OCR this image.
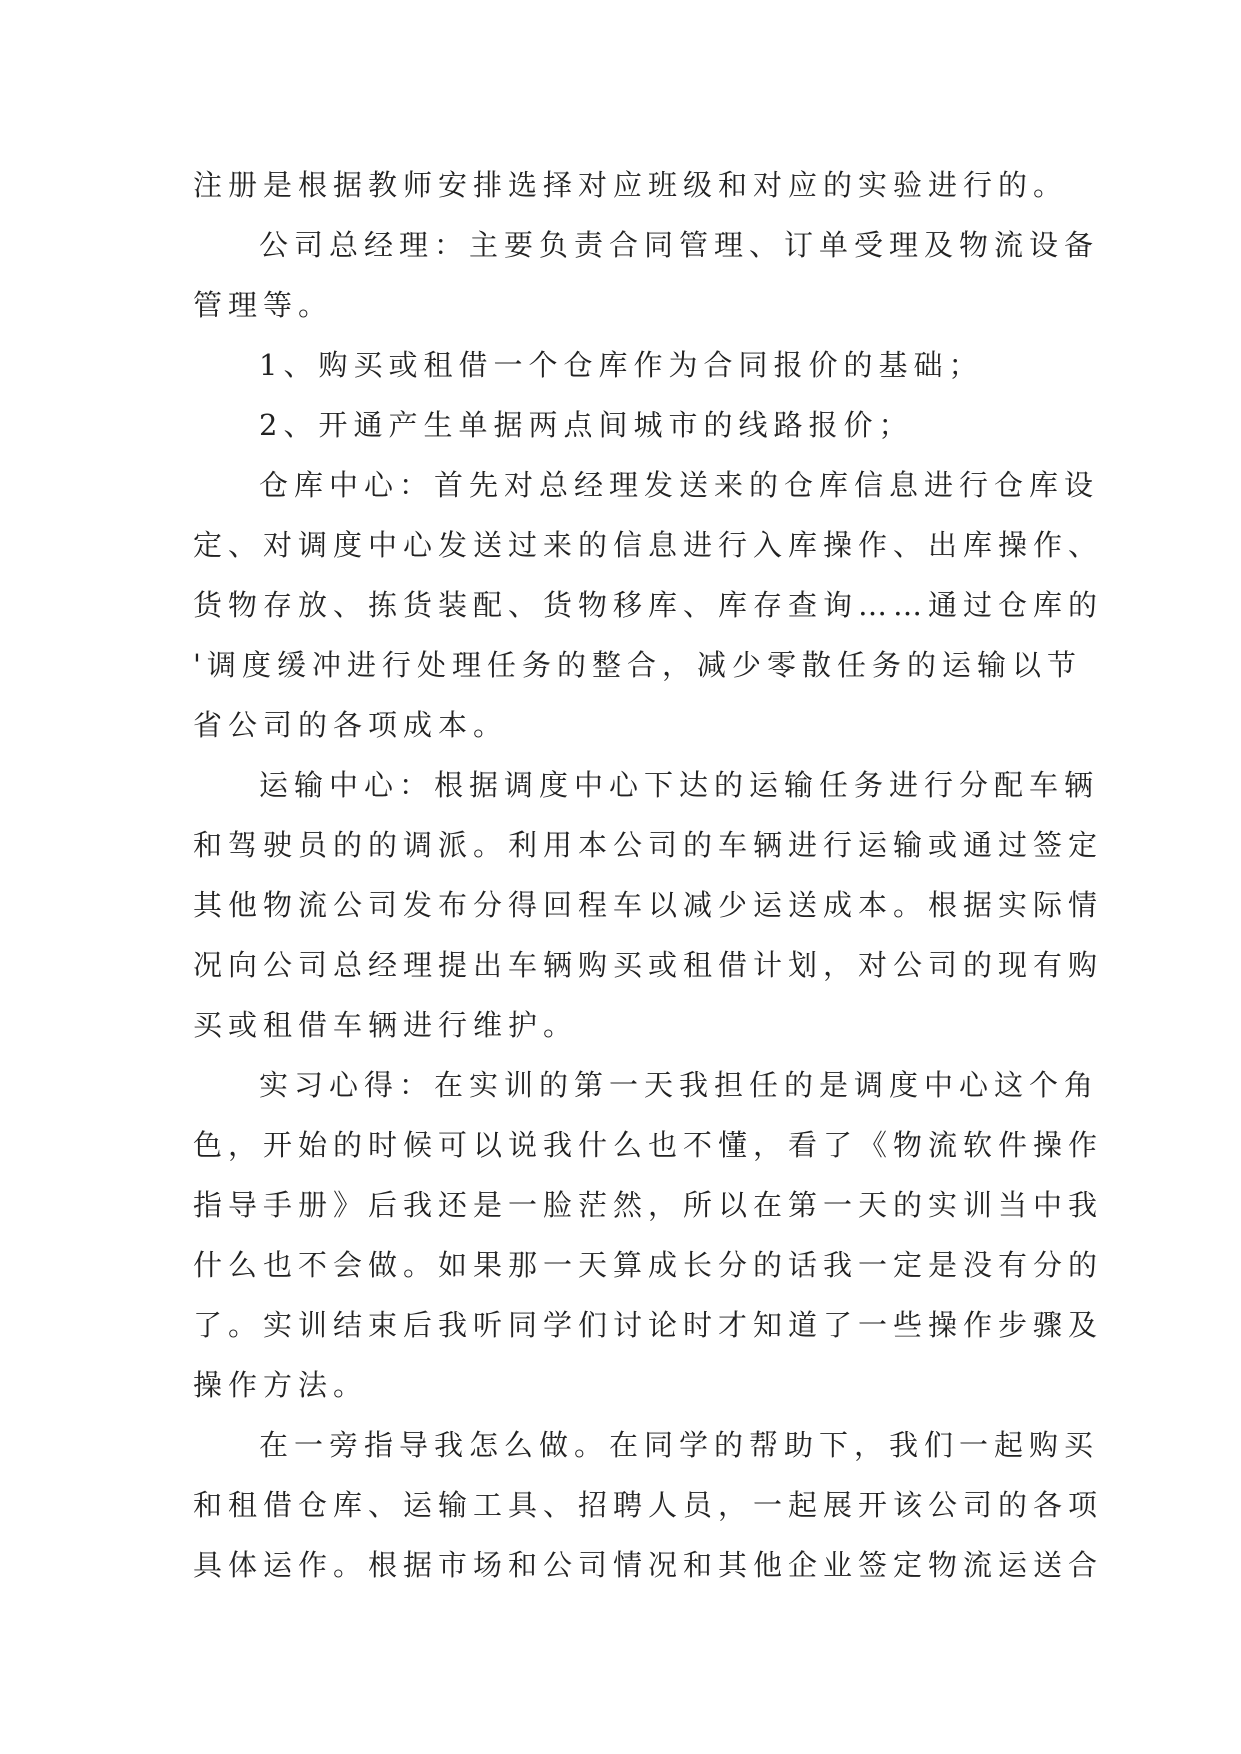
注册是根据教师安排选择对应班级和对应的实验进行的。
公司总经理：主要负责合同管理、订单受理及物流设备
管理等。
1、购买或租借一个仓库作为合同报价的基础；
2、开通产生单据两点间城市的线路报价；
仓库中心：首先对总经理发送来的仓库信息进行仓库设
定、对调度中心发送过来的信息进行入库操作、出库操作、
货物存放、拣货装配、货物移库、库存查询……通过仓库的
'调度缓冲进行处理任务的整合，减少零散任务的运输以节
省公司的各项成本。
运输中心：根据调度中心下达的运输任务进行分配车辆
和驾驶员的的调派。利用本公司的车辆进行运输或通过签定
其他物流公司发布分得回程车以减少运送成本。根据实际情
况向公司总经理提出车辆购买或租借计划，对公司的现有购
买或租借车辆进行维护。
实习心得：在实训的第一天我担任的是调度中心这个角
色，开始的时候可以说我什么也不懂，看了《物流软件操作
指导手册》后我还是一脸茫然，所以在第一天的实训当中我
什么也不会做。如果那一天算成长分的话我一定是没有分的
了。实训结束后我听同学们讨论时才知道了一些操作步骤及
操作方法。
在一旁指导我怎么做。在同学的帮助下，我们一起购买
和租借仓库、运输工具、招聘人员，一起展开该公司的各项
具体运作。根据市场和公司情况和其他企业签定物流运送合
